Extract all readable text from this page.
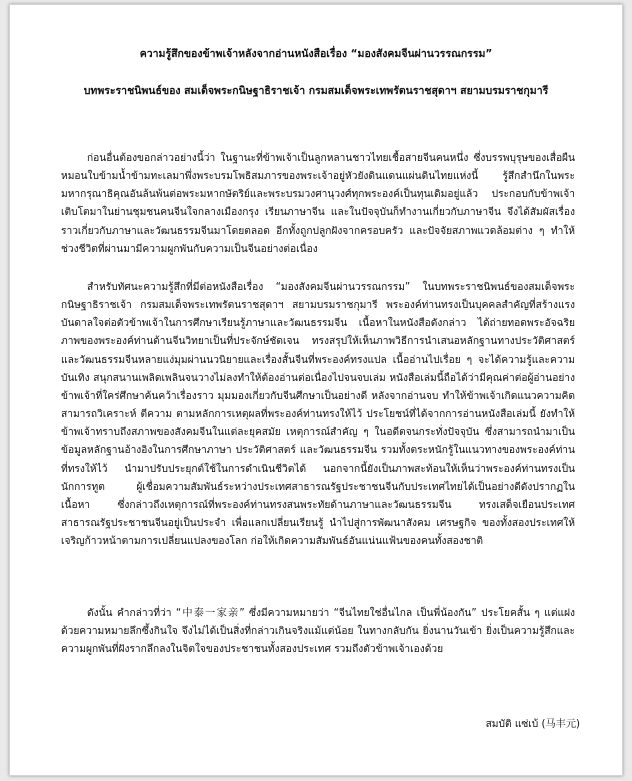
ความรู้สึกของข้าพเจ้าหลังจากอ่านหนังสือเรื่อง “มองสังคมจีนผ่านวรรณกรรม”
บทพระราชนิพนธ์ของ สมเด็จพระกนิษฐาธิราชเจ้า กรมสมเด็จพระเทพรัตนราชสุดาฯ สยามบรมราชกุมารี

ก่อนอื่นต้องขอกล่าวอย่างนี้ว่า ในฐานะที่ข้าพเจ้าเป็นลูกหลานชาวไทยเชื้อสายจีนคนหนึ่ง ซึ่งบรรพบุรุษของเสื่อผืนหมอนใบข้ามน้ำข้ามทะเลมาพึ่งพระบรมโพธิสมภารของพระเจ้าอยู่หัวยังดินแดนแผ่นดินไทยแห่งนี้ รู้สึกสำนึกในพระมหากรุณาธิคุณอันล้นพ้นต่อพระมหากษัตริย์และพระบรมวงศานุวงศ์ทุกพระองค์เป็นทุนเดิมอยู่แล้ว ประกอบกับข้าพเจ้าเติบโตมาในย่านชุมชนคนจีนใจกลางเมืองกรุง เรียนภาษาจีน และในปัจจุบันก็ทำงานเกี่ยวกับภาษาจีน จึงได้สัมผัสเรื่องราวเกี่ยวกับภาษาและวัฒนธรรมจีนมาโดยตลอด อีกทั้งถูกปลูกฝังจากครอบครัว และปัจจัยสภาพแวดล้อมต่าง ๆ ทำให้ช่วงชีวิตที่ผ่านมามีความผูกพันกับความเป็นจีนอย่างต่อเนื่อง

สำหรับทัศนะความรู้สึกที่มีต่อหนังสือเรื่อง “มองสังคมจีนผ่านวรรณกรรม” ในบทพระราชนิพนธ์ของสมเด็จพระกนิษฐาธิราชเจ้า กรมสมเด็จพระเทพรัตนราชสุดาฯ สยามบรมราชกุมารี พระองค์ท่านทรงเป็นบุคคลสำคัญที่สร้างแรงบันดาลใจต่อตัวข้าพเจ้าในการศึกษาเรียนรู้ภาษาและวัฒนธรรมจีน เนื้อหาในหนังสือดังกล่าว ได้ถ่ายทอดพระอัจฉริยภาพของพระองค์ท่านด้านจีนวิทยาเป็นที่ประจักษ์ชัดเจน ทรงสรุปให้เห็นภาพวิธีการนำเสนอหลักฐานทางประวัติศาสตร์และวัฒนธรรมจีนหลายแง่มุมผ่านนวนิยายและเรื่องสั้นจีนที่พระองค์ทรงแปล เนื้ออ่านไปเรื่อย ๆ จะได้ความรู้และความบันเทิง สนุกสนานเพลิดเพลินจนวางไม่ลงทำให้ต้องอ่านต่อเนื่องไปจนจบเล่ม หนังสือเล่มนี้ถือได้ว่ามีคุณค่าต่อผู้อ่านอย่างข้าพเจ้าที่ใคร่ศึกษาค้นคว้าเรื่องราว มุมมองเกี่ยวกับจีนศึกษาเป็นอย่างดี หลังจากอ่านจบ ทำให้ข้าพเจ้าเกิดแนวความคิด สามารถวิเคราะห์ ตีความ ตามหลักการเหตุผลที่พระองค์ท่านทรงให้ไว้ ประโยชน์ที่ได้จากการอ่านหนังสือเล่มนี้ ยังทำให้ข้าพเจ้าทราบถึงสภาพของสังคมจีนในแต่ละยุคสมัย เหตุการณ์สำคัญ ๆ ในอดีตจนกระทั่งปัจจุบัน ซึ่งสามารถนำมาเป็นข้อมูลหลักฐานอ้างอิงในการศึกษาภาษา ประวัติศาสตร์ และวัฒนธรรมจีน รวมทั้งตระหนักรู้ในแนวทางของพระองค์ท่านที่ทรงให้ไว้ นำมาปรับประยุกต์ใช้ในการดำเนินชีวิตได้ นอกจากนี้ยังเป็นภาพสะท้อนให้เห็นว่าพระองค์ท่านทรงเป็นนักการทูต ผู้เชื่อมความสัมพันธ์ระหว่างประเทศสาธารณรัฐประชาชนจีนกับประเทศไทยได้เป็นอย่างดีดังปรากฏในเนื้อหา ซึ่งกล่าวถึงเหตุการณ์ที่พระองค์ท่านทรงสนพระทัยด้านภาษาและวัฒนธรรมจีน ทรงเสด็จเยือนประเทศสาธารณรัฐประชาชนจีนอยู่เป็นประจำ เพื่อแลกเปลี่ยนเรียนรู้ นำไปสู่การพัฒนาสังคม เศรษฐกิจ ของทั้งสองประเทศให้เจริญก้าวหน้าตามการเปลี่ยนแปลงของโลก ก่อให้เกิดความสัมพันธ์อันแน่นแฟ้นของคนทั้งสองชาติ

ดังนั้น คำกล่าวที่ว่า “中泰一家亲” ซึ่งมีความหมายว่า “จีนไทยใช่อื่นไกล เป็นพี่น้องกัน” ประโยคสั้น ๆ แต่แฝงด้วยความหมายลึกซึ้งกินใจ จึงไม่ได้เป็นสิ่งที่กล่าวเกินจริงแม้แต่น้อย ในทางกลับกัน ยิ่งนานวันเข้า ยิ่งเป็นความรู้สึกและความผูกพันที่ฝังรากลึกลงในจิตใจของประชาชนทั้งสองประเทศ รวมถึงตัวข้าพเจ้าเองด้วย

สมบัติ แซ่เบ้ (马丰元)
